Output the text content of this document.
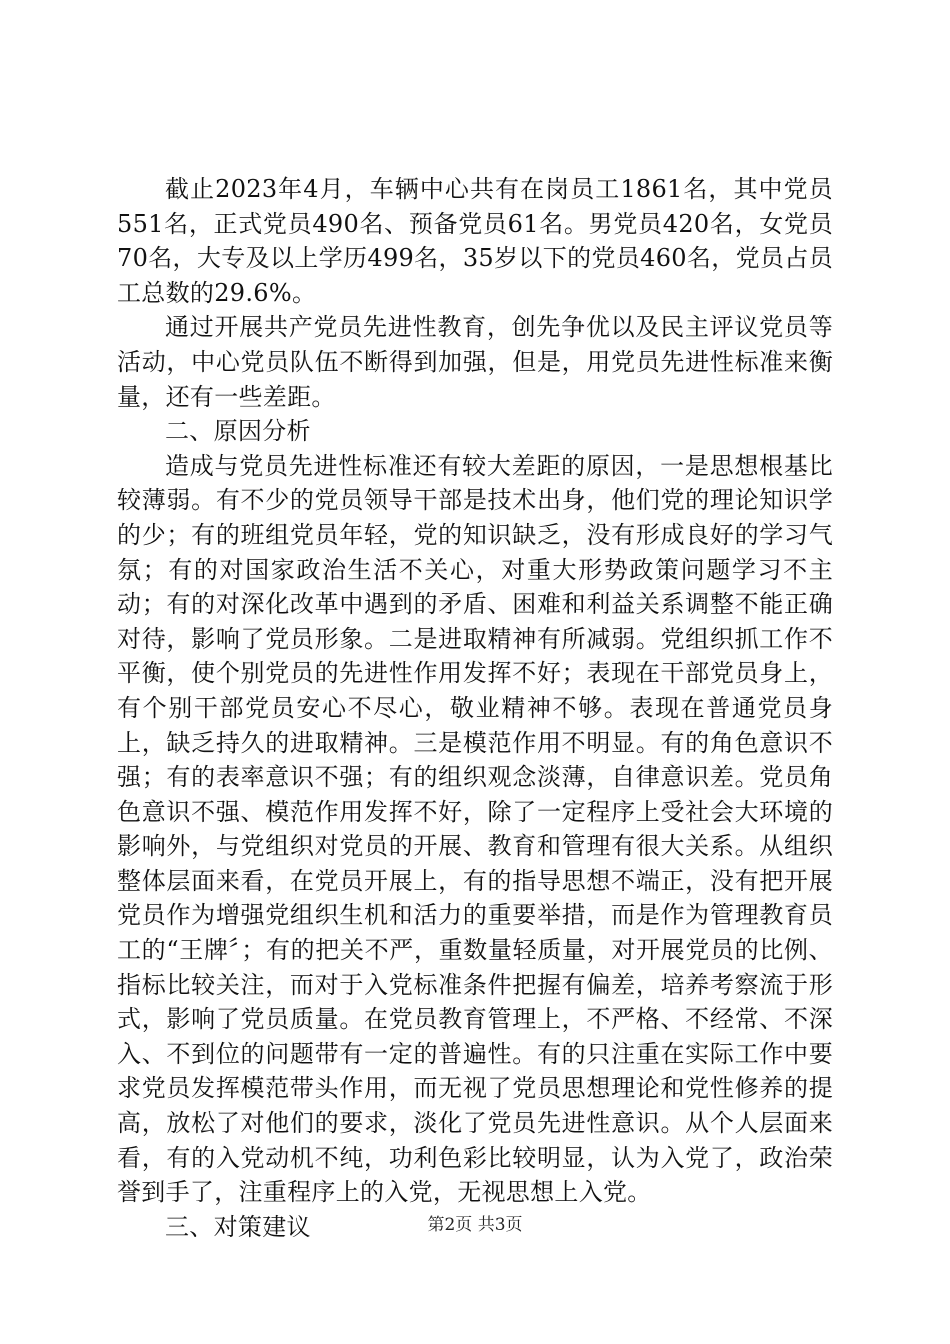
截止2023年4月，车辆中心共有在岗员工1861名，其中党员551名，正式党员490名、预备党员61名。男党员420名，女党员70名，大专及以上学历499名，35岁以下的党员460名，党员占员工总数的29.6%。

通过开展共产党员先进性教育，创先争优以及民主评议党员等活动，中心党员队伍不断得到加强，但是，用党员先进性标准来衡量，还有一些差距。

二、原因分析

造成与党员先进性标准还有较大差距的原因，一是思想根基比较薄弱。有不少的党员领导干部是技术出身，他们党的理论知识学的少；有的班组党员年轻，党的知识缺乏，没有形成良好的学习气氛；有的对国家政治生活不关心，对重大形势政策问题学习不主动；有的对深化改革中遇到的矛盾、困难和利益关系调整不能正确对待，影响了党员形象。二是进取精神有所减弱。党组织抓工作不平衡，使个别党员的先进性作用发挥不好；表现在干部党员身上，有个别干部党员安心不尽心，敬业精神不够。表现在普通党员身上，缺乏持久的进取精神。三是模范作用不明显。有的角色意识不强；有的表率意识不强；有的组织观念淡薄，自律意识差。党员角色意识不强、模范作用发挥不好，除了一定程序上受社会大环境的影响外，与党组织对党员的开展、教育和管理有很大关系。从组织整体层面来看，在党员开展上，有的指导思想不端正，没有把开展党员作为增强党组织生机和活力的重要举措，而是作为管理教育员工的“王牌〞；有的把关不严，重数量轻质量，对开展党员的比例、指标比较关注，而对于入党标准条件把握有偏差，培养考察流于形式，影响了党员质量。在党员教育管理上，不严格、不经常、不深入、不到位的问题带有一定的普遍性。有的只注重在实际工作中要求党员发挥模范带头作用，而无视了党员思想理论和党性修养的提高，放松了对他们的要求，淡化了党员先进性意识。从个人层面来看，有的入党动机不纯，功利色彩比较明显，认为入党了，政治荣誉到手了，注重程序上的入党，无视思想上入党。

三、对策建议	第2页 共3页
